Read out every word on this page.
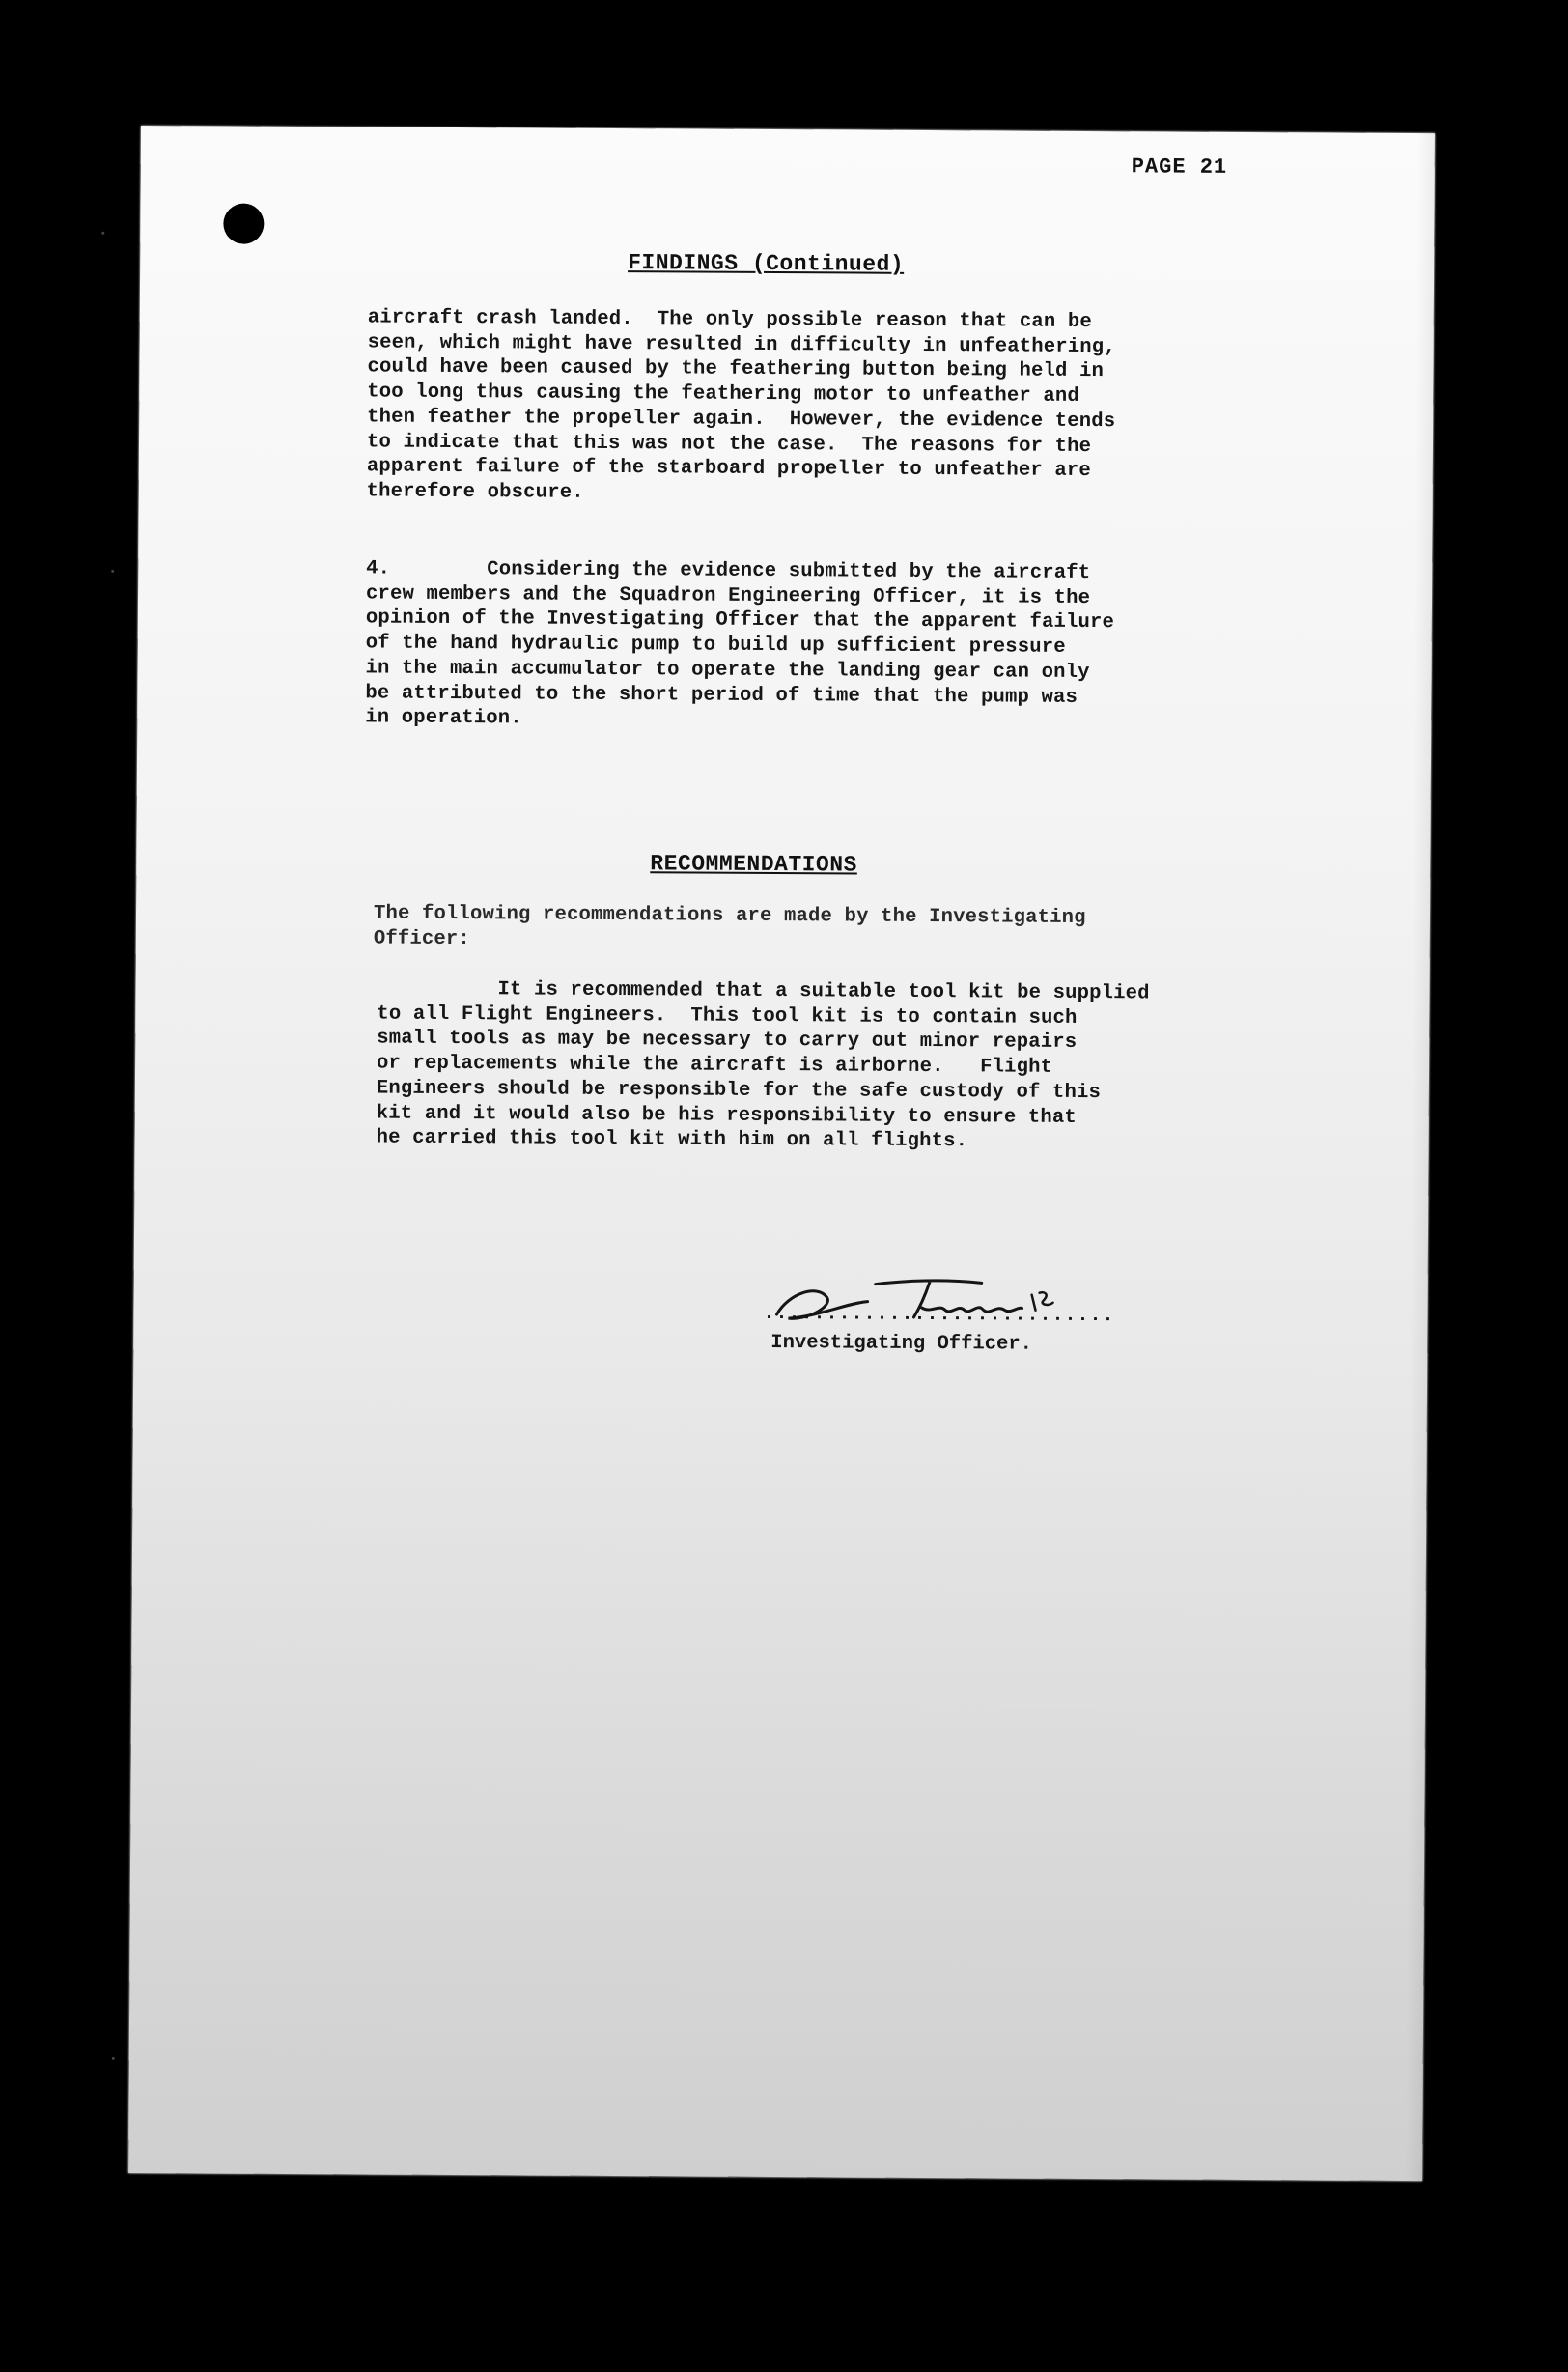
PAGE 21
FINDINGS (Continued)
aircraft crash landed.  The only possible reason that can be
seen, which might have resulted in difficulty in unfeathering,
could have been caused by the feathering button being held in
too long thus causing the feathering motor to unfeather and
then feather the propeller again.  However, the evidence tends
to indicate that this was not the case.  The reasons for the
apparent failure of the starboard propeller to unfeather are
therefore obscure.
4.        Considering the evidence submitted by the aircraft
crew members and the Squadron Engineering Officer, it is the
opinion of the Investigating Officer that the apparent failure
of the hand hydraulic pump to build up sufficient pressure
in the main accumulator to operate the landing gear can only
be attributed to the short period of time that the pump was
in operation.
RECOMMENDATIONS
The following recommendations are made by the Investigating
Officer:
It is recommended that a suitable tool kit be supplied
to all Flight Engineers.  This tool kit is to contain such
small tools as may be necessary to carry out minor repairs
or replacements while the aircraft is airborne.   Flight
Engineers should be responsible for the safe custody of this
kit and it would also be his responsibility to ensure that
he carried this tool kit with him on all flights.
............................
Investigating Officer.
